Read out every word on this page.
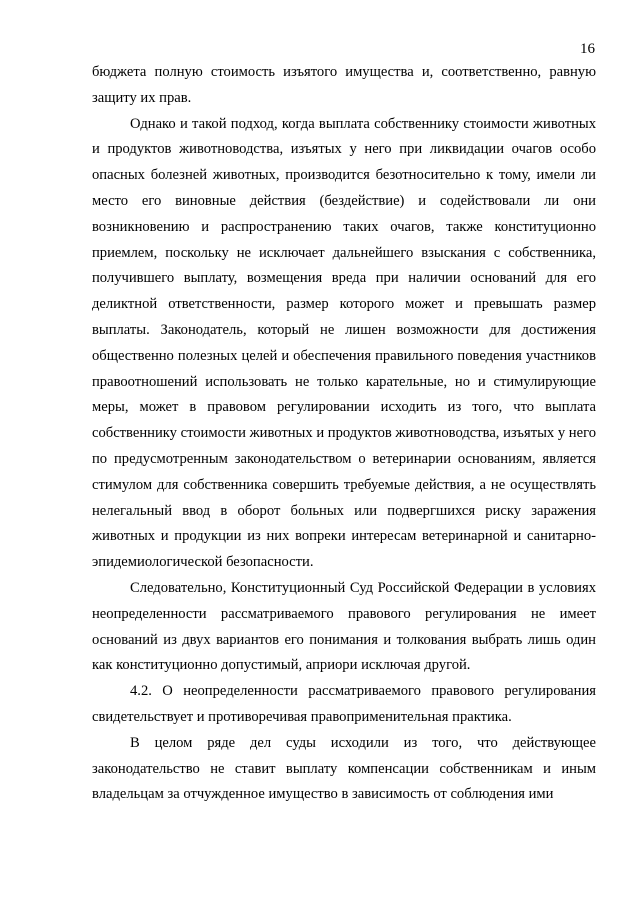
16

бюджета полную стоимость изъятого имущества и, соответственно, равную защиту их прав.

Однако и такой подход, когда выплата собственнику стоимости животных и продуктов животноводства, изъятых у него при ликвидации очагов особо опасных болезней животных, производится безотносительно к тому, имели ли место его виновные действия (бездействие) и содействовали ли они возникновению и распространению таких очагов, также конституционно приемлем, поскольку не исключает дальнейшего взыскания с собственника, получившего выплату, возмещения вреда при наличии оснований для его деликтной ответственности, размер которого может и превышать размер выплаты. Законодатель, который не лишен возможности для достижения общественно полезных целей и обеспечения правильного поведения участников правоотношений использовать не только карательные, но и стимулирующие меры, может в правовом регулировании исходить из того, что выплата собственнику стоимости животных и продуктов животноводства, изъятых у него по предусмотренным законодательством о ветеринарии основаниям, является стимулом для собственника совершить требуемые действия, а не осуществлять нелегальный ввод в оборот больных или подвергшихся риску заражения животных и продукции из них вопреки интересам ветеринарной и санитарно-эпидемиологической безопасности.

Следовательно, Конституционный Суд Российской Федерации в условиях неопределенности рассматриваемого правового регулирования не имеет оснований из двух вариантов его понимания и толкования выбрать лишь один как конституционно допустимый, априори исключая другой.

4.2. О неопределенности рассматриваемого правового регулирования свидетельствует и противоречивая правоприменительная практика.

В целом ряде дел суды исходили из того, что действующее законодательство не ставит выплату компенсации собственникам и иным владельцам за отчужденное имущество в зависимость от соблюдения ими
